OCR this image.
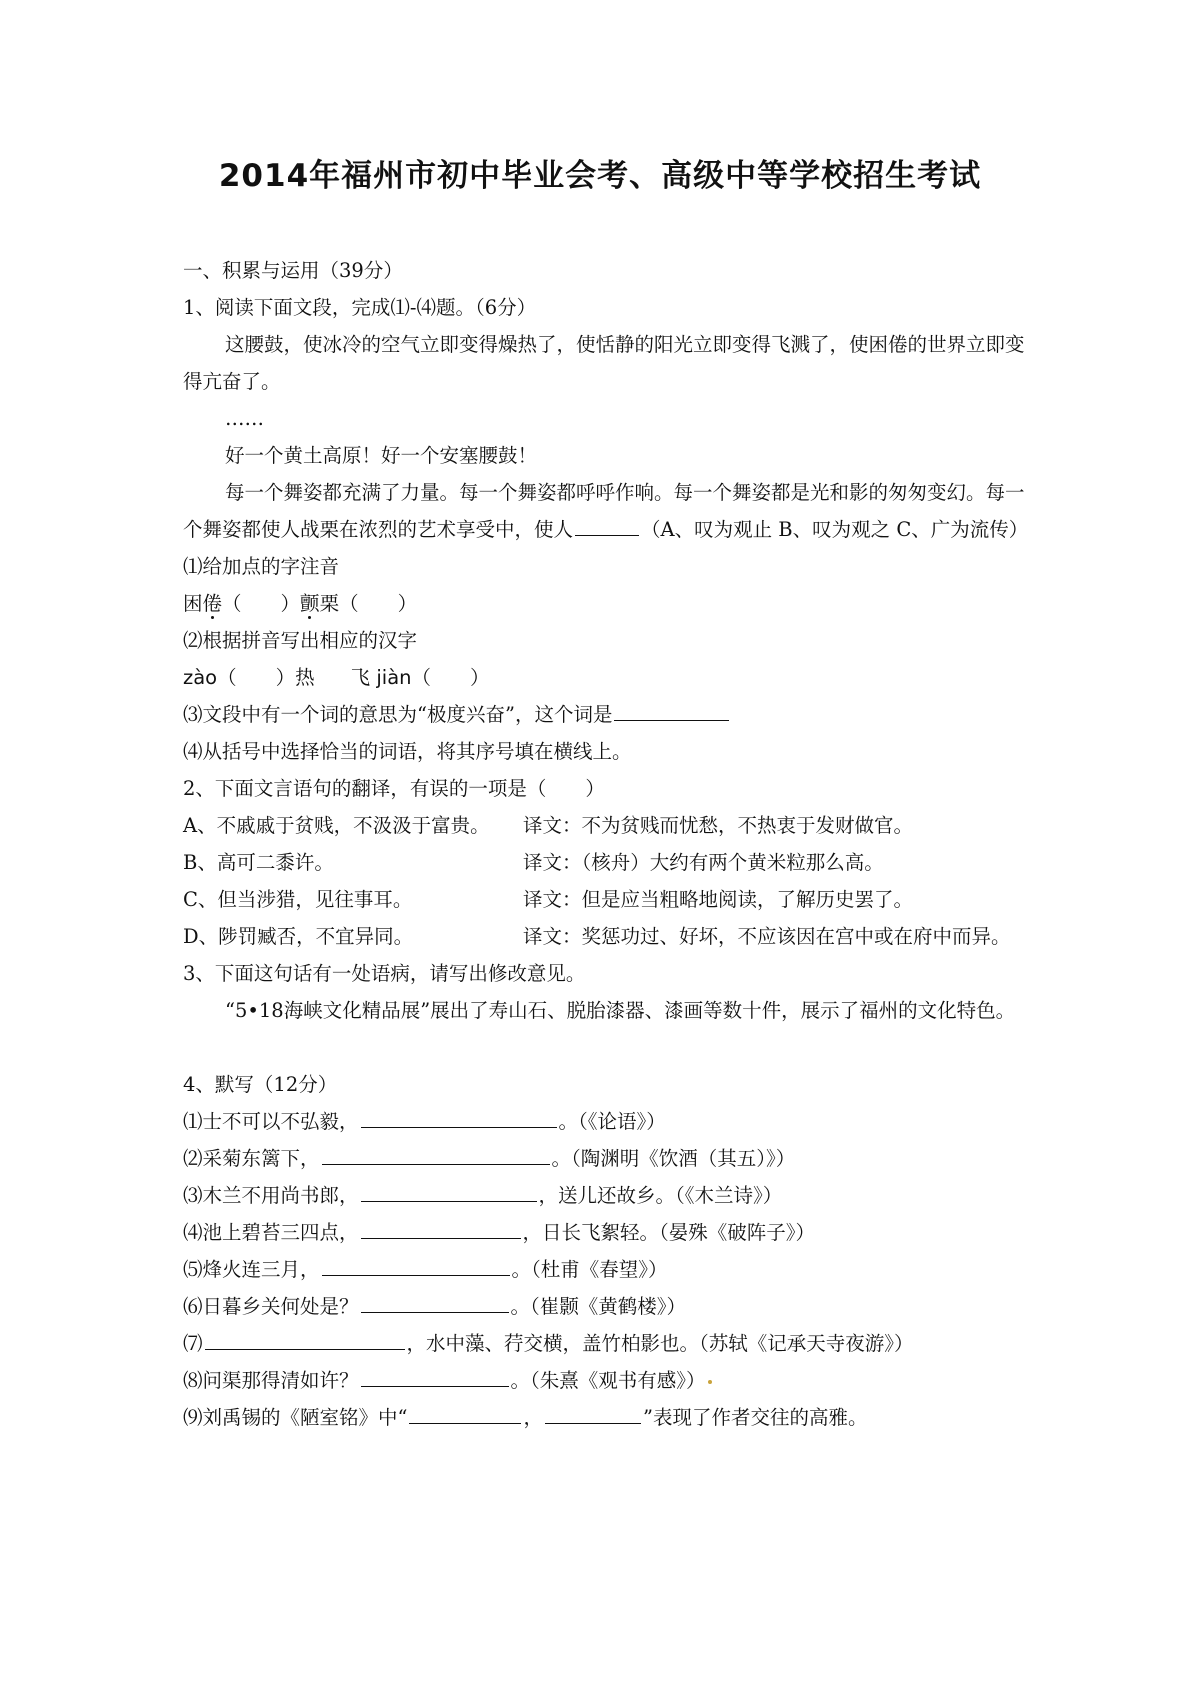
2014年福州市初中毕业会考、高级中等学校招生考试
一、积累与运用（39分）
1、阅读下面文段，完成⑴-⑷题。（6分）
这腰鼓，使冰冷的空气立即变得燥热了，使恬静的阳光立即变得飞溅了，使困倦的世界立即变得亢奋了。
……
好一个黄土高原！好一个安塞腰鼓！
每一个舞姿都充满了力量。每一个舞姿都呼呼作响。每一个舞姿都是光和影的匆匆变幻。每一个舞姿都使人战栗在浓烈的艺术享受中，使人	（A、叹为观止 B、叹为观之 C、广为流传）
⑴给加点的字注音
困倦（　　）颤栗（　　）
⑵根据拼音写出相应的汉字
zào（　　）热 飞 jiàn（　　）
⑶文段中有一个词的意思为“极度兴奋”，这个词是
⑷从括号中选择恰当的词语，将其序号填在横线上。
2、下面文言语句的翻译，有误的一项是（　　）
A、不戚戚于贫贱，不汲汲于富贵。 译文：不为贫贱而忧愁，不热衷于发财做官。
B、高可二黍许。	译文：（核舟）大约有两个黄米粒那么高。
C、但当涉猎，见往事耳。	译文：但是应当粗略地阅读，了解历史罢了。
D、陟罚臧否，不宜异同。	译文：奖惩功过、好坏，不应该因在宫中或在府中而异。
3、下面这句话有一处语病，请写出修改意见。
“5•18海峡文化精品展”展出了寿山石、脱胎漆器、漆画等数十件，展示了福州的文化特色。
4、默写（12分）
⑴士不可以不弘毅，	。（《论语》）
⑵采菊东篱下，	。（陶渊明《饮酒（其五）》）
⑶木兰不用尚书郎，	，送儿还故乡。（《木兰诗》）
⑷池上碧苔三四点，	，日长飞絮轻。（晏殊《破阵子》）
⑸烽火连三月，	。（杜甫《春望》）
⑹日暮乡关何处是？	。（崔颢《黄鹤楼》）
⑺	，水中藻、荇交横，盖竹柏影也。（苏轼《记承天寺夜游》）
⑻问渠那得清如许？	。（朱熹《观书有感》）
⑼刘禹锡的《陋室铭》中“	，	”表现了作者交往的高雅。
